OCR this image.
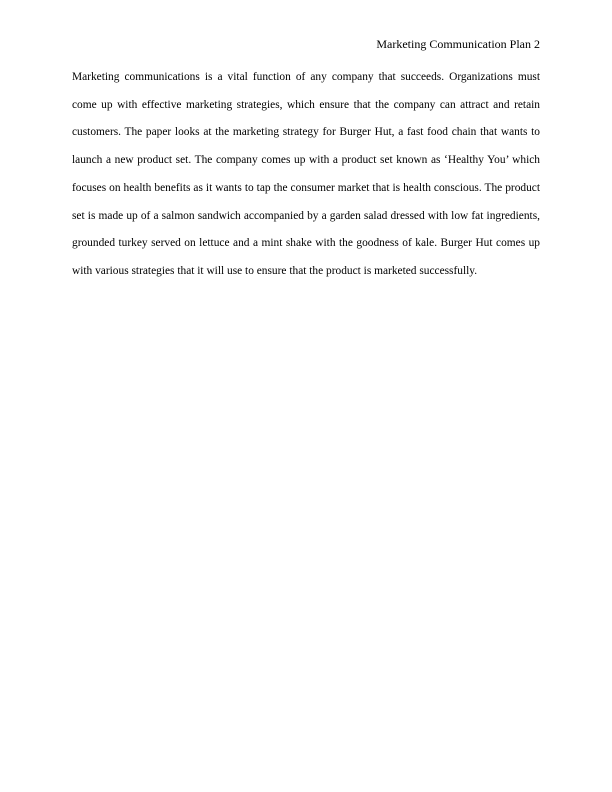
Marketing Communication Plan 2

Marketing communications is a vital function of any company that succeeds. Organizations must come up with effective marketing strategies, which ensure that the company can attract and retain customers. The paper looks at the marketing strategy for Burger Hut, a fast food chain that wants to launch a new product set. The company comes up with a product set known as ‘Healthy You’ which focuses on health benefits as it wants to tap the consumer market that is health conscious. The product set is made up of a salmon sandwich accompanied by a garden salad dressed with low fat ingredients, grounded turkey served on lettuce and a mint shake with the goodness of kale. Burger Hut comes up with various strategies that it will use to ensure that the product is marketed successfully.
